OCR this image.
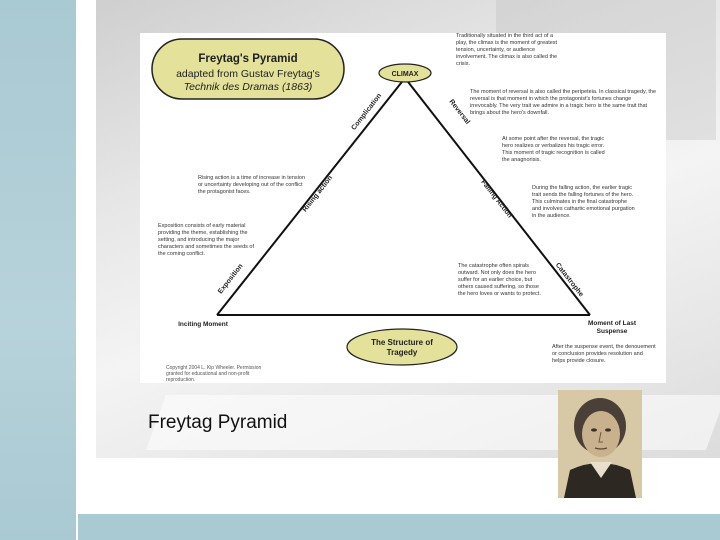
Freytag's Pyramid
adapted from Gustav Freytag's
Technik des Dramas (1863)
CLIMAX
Exposition
Rising action
Complication	Reversal
Falling Action
Catastrophe
Inciting Moment	Moment of Last
Suspense
The Structure of
Tragedy
Traditionally situated in the third act of a play, the climax is the moment of greatest tension, uncertainty, or audience involvement. The climax is also called the crisis.
The moment of reversal is also called the peripeteia. In classical tragedy, the reversal is that moment in which the protagonist's fortunes change irrevocably. The very trait we admire in a tragic hero is the same trait that brings about the hero's downfall.
At some point after the reversal, the tragic hero realizes or verbalizes his tragic error. This moment of tragic recognition is called the anagnorisis.
Rising action is a time of increase in tension or uncertainty developing out of the conflict the protagonist faces.
During the falling action, the earlier tragic trait sends the falling fortunes of the hero. This culminates in the final catastrophe and involves cathartic emotional purgation in the audience.
Exposition consists of early material providing the theme, establishing the setting, and introducing the major characters and sometimes the seeds of the coming conflict.
The catastrophe often spirals outward. Not only does the hero suffer for an earlier choice, but others caused suffering, so those the hero loves or wants to protect.
After the suspense event, the denouement or conclusion provides resolution and helps provide closure.
Copyright 2004 L. Kip Wheeler. Permission granted for educational and non-profit reproduction.
Freytag Pyramid
